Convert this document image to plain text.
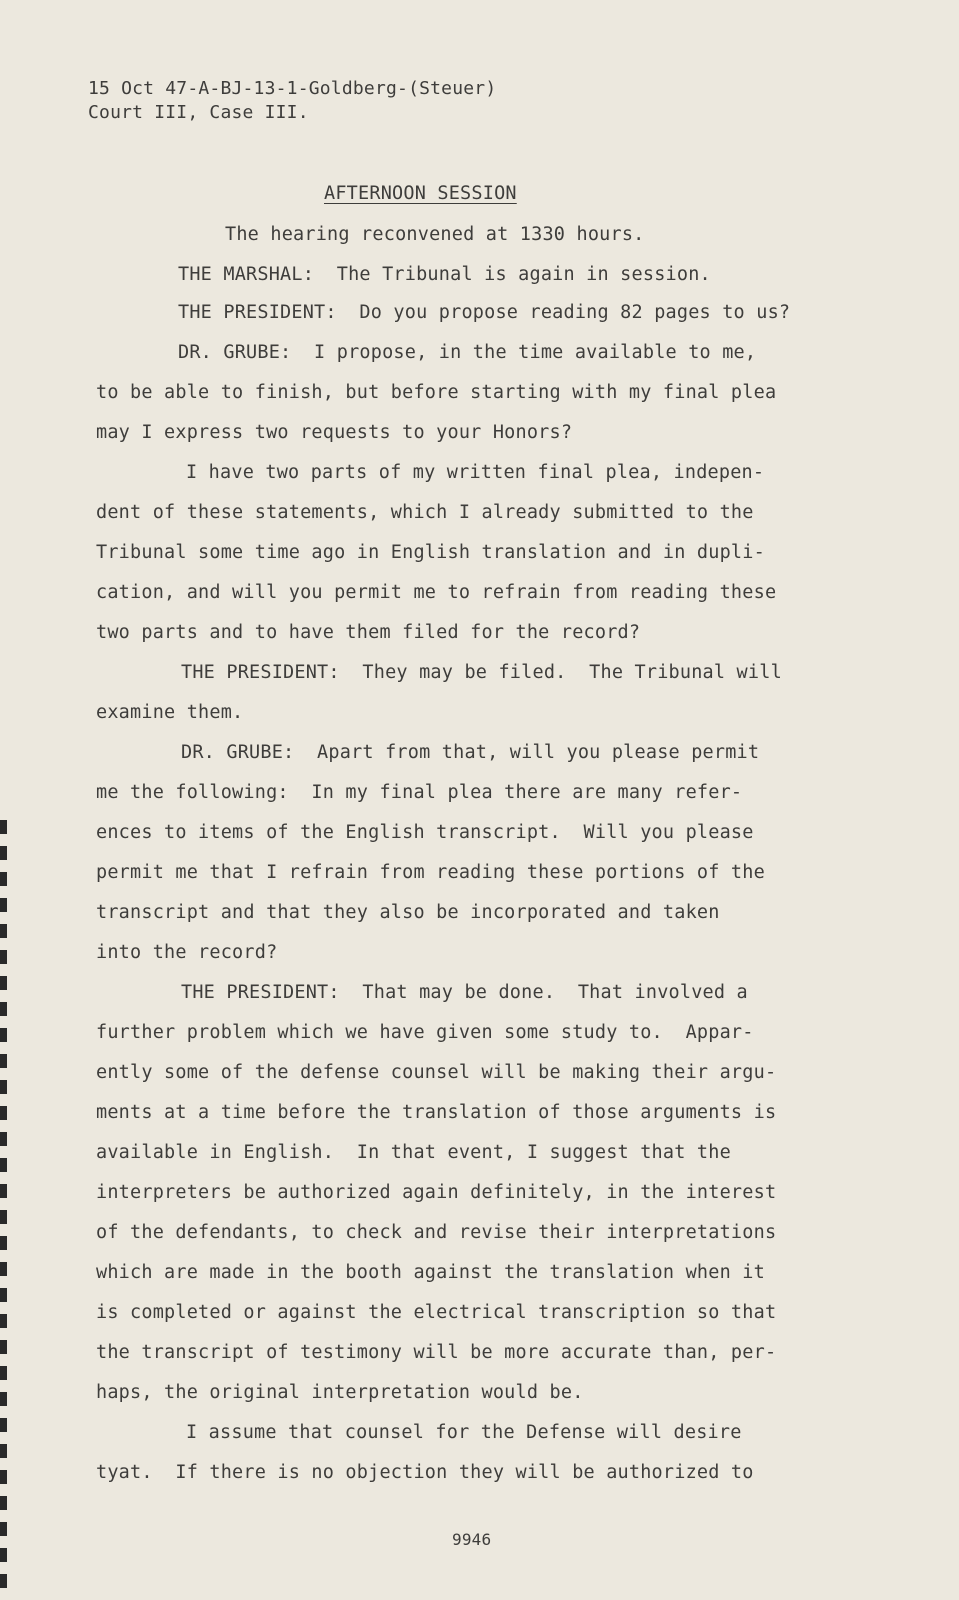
15 Oct 47-A-BJ-13-1-Goldberg-(Steuer)
Court III, Case III.
AFTERNOON SESSION
The hearing reconvened at 1330 hours.
THE MARSHAL:  The Tribunal is again in session.
THE PRESIDENT:  Do you propose reading 82 pages to us?
DR. GRUBE:  I propose, in the time available to me,
to be able to finish, but before starting with my final plea
may I express two requests to your Honors?
I have two parts of my written final plea, indepen-
dent of these statements, which I already submitted to the
Tribunal some time ago in English translation and in dupli-
cation, and will you permit me to refrain from reading these
two parts and to have them filed for the record?
THE PRESIDENT:  They may be filed.  The Tribunal will
examine them.
DR. GRUBE:  Apart from that, will you please permit
me the following:  In my final plea there are many refer-
ences to items of the English transcript.  Will you please
permit me that I refrain from reading these portions of the
transcript and that they also be incorporated and taken
into the record?
THE PRESIDENT:  That may be done.  That involved a
further problem which we have given some study to.  Appar-
ently some of the defense counsel will be making their argu-
ments at a time before the translation of those arguments is
available in English.  In that event, I suggest that the
interpreters be authorized again definitely, in the interest
of the defendants, to check and revise their interpretations
which are made in the booth against the translation when it
is completed or against the electrical transcription so that
the transcript of testimony will be more accurate than, per-
haps, the original interpretation would be.
I assume that counsel for the Defense will desire
tyat.  If there is no objection they will be authorized to
9946
